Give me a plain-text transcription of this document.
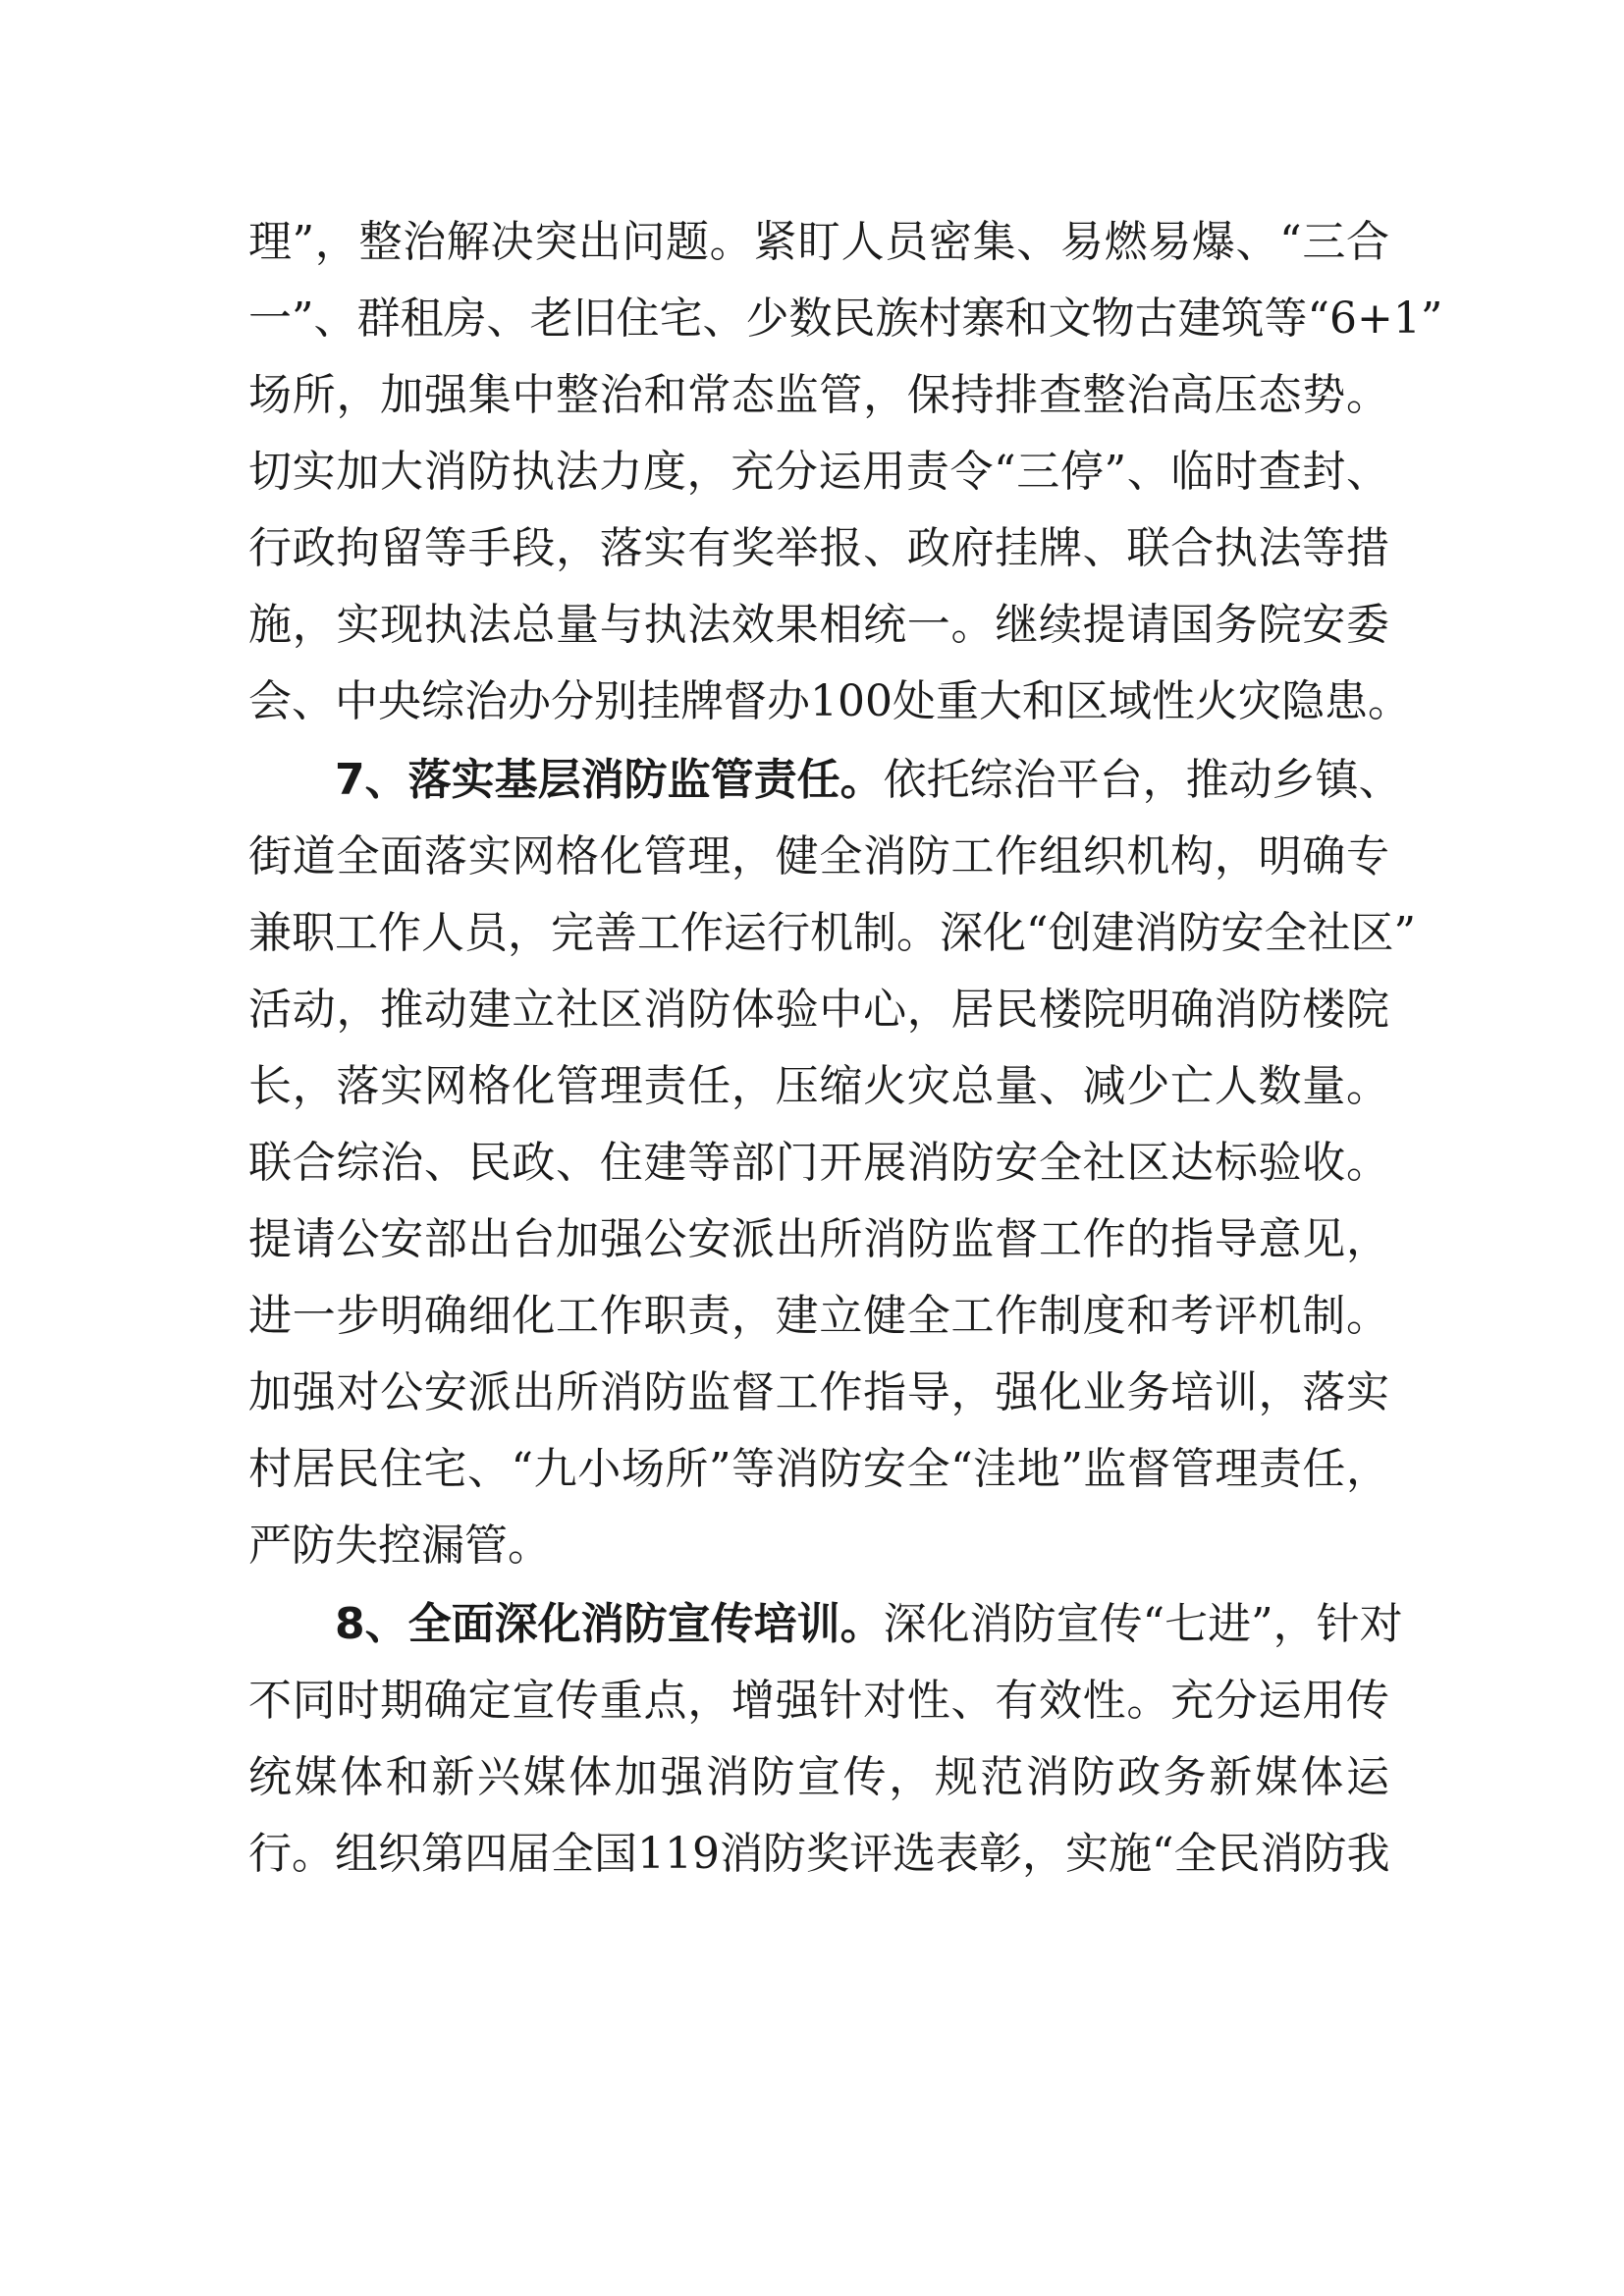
理”，整治解决突出问题。紧盯人员密集、易燃易爆、“三合
一”、群租房、老旧住宅、少数民族村寨和文物古建筑等“6+1”
场所，加强集中整治和常态监管，保持排查整治高压态势。
切实加大消防执法力度，充分运用责令“三停”、临时查封、
行政拘留等手段，落实有奖举报、政府挂牌、联合执法等措
施，实现执法总量与执法效果相统一。继续提请国务院安委
会、中央综治办分别挂牌督办100处重大和区域性火灾隐患。
7、落实基层消防监管责任。依托综治平台，推动乡镇、
街道全面落实网格化管理，健全消防工作组织机构，明确专
兼职工作人员，完善工作运行机制。深化“创建消防安全社区”
活动，推动建立社区消防体验中心，居民楼院明确消防楼院
长，落实网格化管理责任，压缩火灾总量、减少亡人数量。
联合综治、民政、住建等部门开展消防安全社区达标验收。
提请公安部出台加强公安派出所消防监督工作的指导意见，
进一步明确细化工作职责，建立健全工作制度和考评机制。
加强对公安派出所消防监督工作指导，强化业务培训，落实
村居民住宅、“九小场所”等消防安全“洼地”监督管理责任，
严防失控漏管。
8、全面深化消防宣传培训。深化消防宣传“七进”，针对
不同时期确定宣传重点，增强针对性、有效性。充分运用传
统媒体和新兴媒体加强消防宣传，规范消防政务新媒体运
行。组织第四届全国119消防奖评选表彰，实施“全民消防我
